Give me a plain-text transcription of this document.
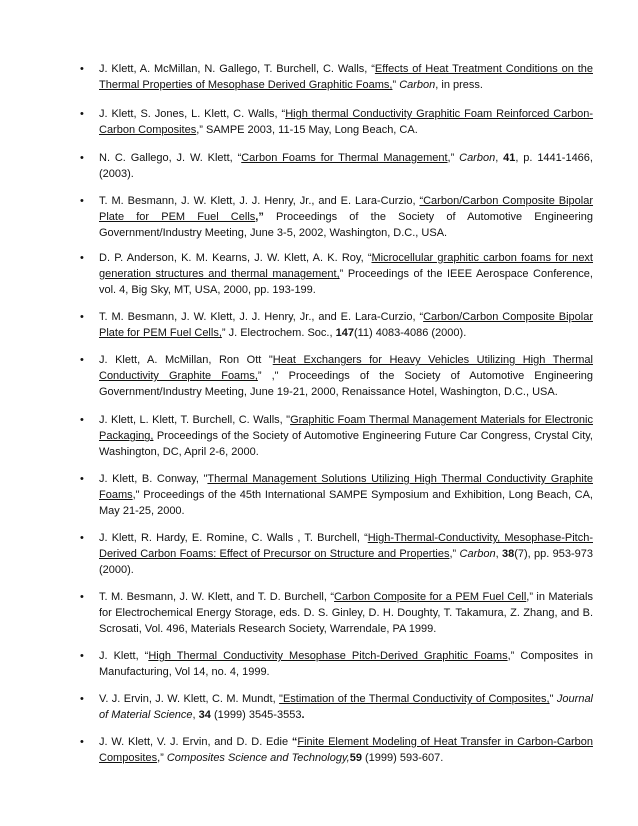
• J. Klett, A. McMillan, N. Gallego, T. Burchell, C. Walls, “Effects of Heat Treatment Conditions on the Thermal Properties of Mesophase Derived Graphitic Foams,” Carbon, in press.
• J. Klett, S. Jones, L. Klett, C. Walls, “High thermal Conductivity Graphitic Foam Reinforced Carbon-Carbon Composites,” SAMPE 2003, 11-15 May, Long Beach, CA.
• N. C. Gallego, J. W. Klett, “Carbon Foams for Thermal Management,” Carbon, 41, p. 1441-1466, (2003).
• T. M. Besmann, J. W. Klett, J. J. Henry, Jr., and E. Lara-Curzio, “Carbon/Carbon Composite Bipolar Plate for PEM Fuel Cells,” Proceedings of the Society of Automotive Engineering Government/Industry Meeting, June 3-5, 2002, Washington, D.C., USA.
• D. P. Anderson, K. M. Kearns, J. W. Klett, A. K. Roy, “Microcellular graphitic carbon foams for next generation structures and thermal management,” Proceedings of the IEEE Aerospace Conference, vol. 4, Big Sky, MT, USA, 2000, pp. 193-199.
• T. M. Besmann, J. W. Klett, J. J. Henry, Jr., and E. Lara-Curzio, “Carbon/Carbon Composite Bipolar Plate for PEM Fuel Cells,” J. Electrochem. Soc., 147(11) 4083-4086 (2000).
• J. Klett, A. McMillan, Ron Ott "Heat Exchangers for Heavy Vehicles Utilizing High Thermal Conductivity Graphite Foams,” ," Proceedings of the Society of Automotive Engineering Government/Industry Meeting, June 19-21, 2000, Renaissance Hotel, Washington, D.C., USA.
• J. Klett, L. Klett, T. Burchell, C. Walls, "Graphitic Foam Thermal Management Materials for Electronic Packaging, Proceedings of the Society of Automotive Engineering Future Car Congress, Crystal City, Washington, DC, April 2-6, 2000.
• J. Klett, B. Conway, "Thermal Management Solutions Utilizing High Thermal Conductivity Graphite Foams," Proceedings of the 45th International SAMPE Symposium and Exhibition, Long Beach, CA, May 21-25, 2000.
• J. Klett, R. Hardy, E. Romine, C. Walls , T. Burchell, “High-Thermal-Conductivity, Mesophase-Pitch-Derived Carbon Foams: Effect of Precursor on Structure and Properties,” Carbon, 38(7), pp. 953-973 (2000).
• T. M. Besmann, J. W. Klett, and T. D. Burchell, “Carbon Composite for a PEM Fuel Cell,” in Materials for Electrochemical Energy Storage, eds. D. S. Ginley, D. H. Doughty, T. Takamura, Z. Zhang, and B. Scrosati, Vol. 496, Materials Research Society, Warrendale, PA 1999.
• J. Klett, “High Thermal Conductivity Mesophase Pitch-Derived Graphitic Foams,” Composites in Manufacturing, Vol 14, no. 4, 1999.
• V. J. Ervin, J. W. Klett, C. M. Mundt, "Estimation of the Thermal Conductivity of Composites," Journal of Material Science, 34 (1999) 3545-3553.
• J. W. Klett, V. J. Ervin, and D. D. Edie “Finite Element Modeling of Heat Transfer in Carbon-Carbon Composites,” Composites Science and Technology,59 (1999) 593-607.
